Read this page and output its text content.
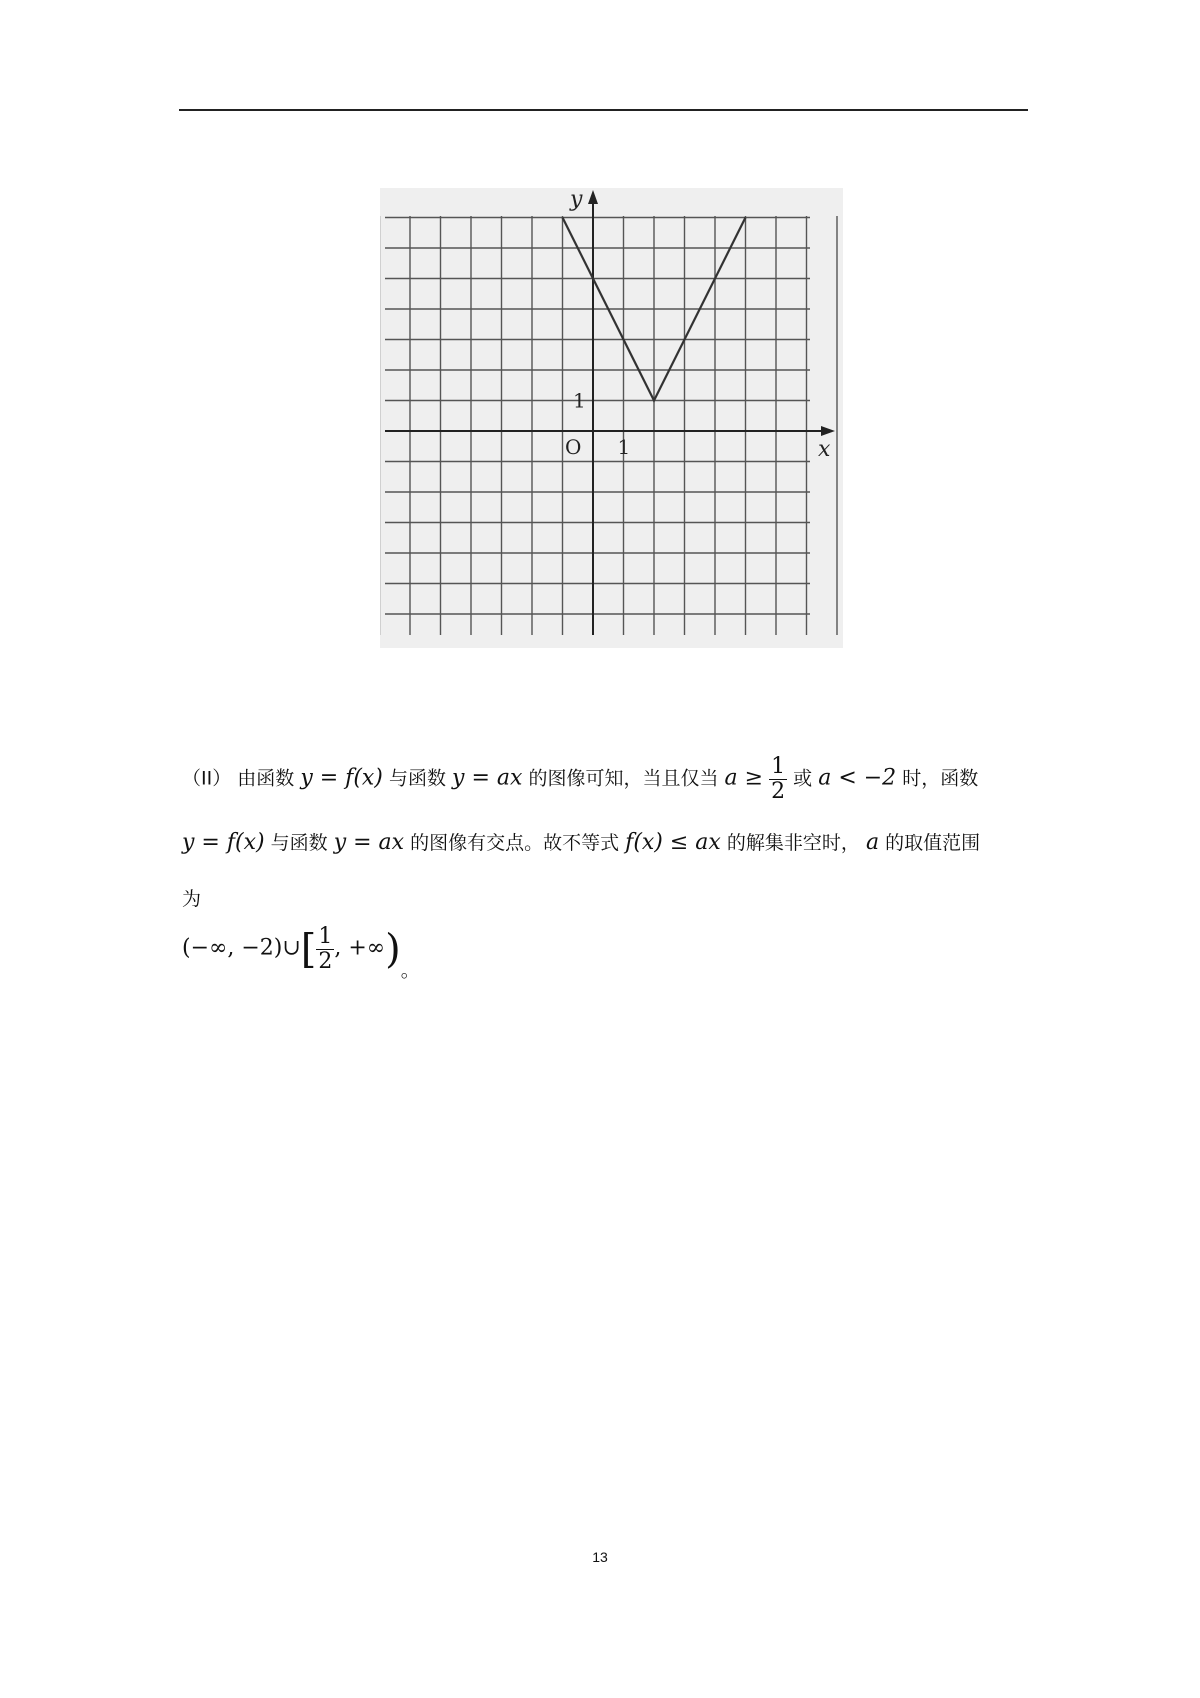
x
y
O 1
1
（II） 由函数 y = f(x) 与函数 y = ax 的图像可知，当且仅当 $a \ge \frac{1}{2}$ 或 a < −2 时，函数
y = f(x) 与函数 y = ax 的图像有交点。故不等式 f(x) ≤ ax 的解集非空时， a 的取值范围
为
(−∞, −2)∪[ $\frac{1}{2}$ , +∞)。
13
